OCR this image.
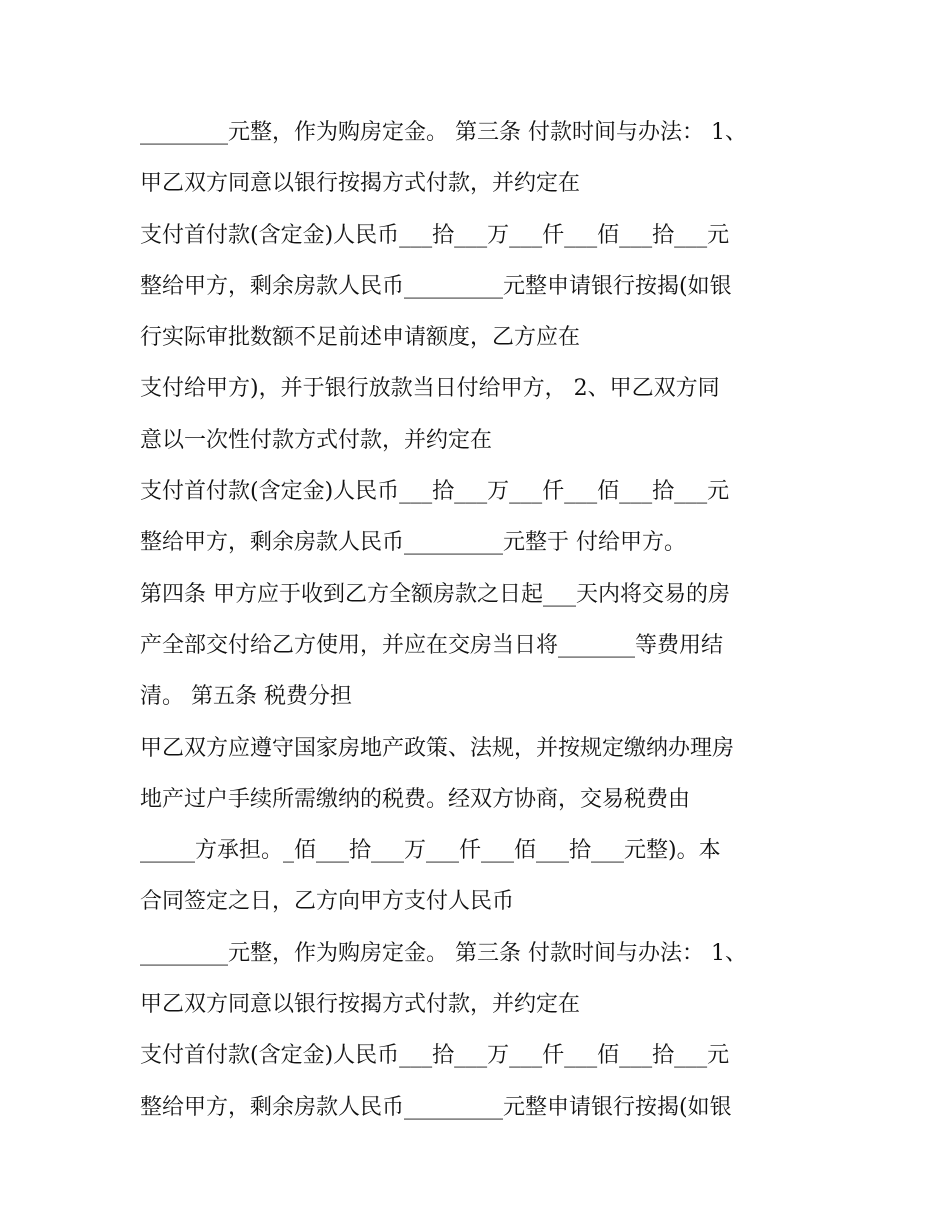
________元整，作为购房定金。 第三条 付款时间与办法： 1、
甲乙双方同意以银行按揭方式付款，并约定在
支付首付款(含定金)人民币___拾___万___仟___佰___拾___元
整给甲方，剩余房款人民币_________元整申请银行按揭(如银
行实际审批数额不足前述申请额度，乙方应在
支付给甲方)，并于银行放款当日付给甲方， 2、甲乙双方同
意以一次性付款方式付款，并约定在
支付首付款(含定金)人民币___拾___万___仟___佰___拾___元
整给甲方，剩余房款人民币_________元整于 付给甲方。
第四条 甲方应于收到乙方全额房款之日起___天内将交易的房
产全部交付给乙方使用，并应在交房当日将_______等费用结
清。 第五条 税费分担
甲乙双方应遵守国家房地产政策、法规，并按规定缴纳办理房
地产过户手续所需缴纳的税费。经双方协商，交易税费由
_____方承担。_佰___拾___万___仟___佰___拾___元整)。本
合同签定之日，乙方向甲方支付人民币
________元整，作为购房定金。 第三条 付款时间与办法： 1、
甲乙双方同意以银行按揭方式付款，并约定在
支付首付款(含定金)人民币___拾___万___仟___佰___拾___元
整给甲方，剩余房款人民币_________元整申请银行按揭(如银
